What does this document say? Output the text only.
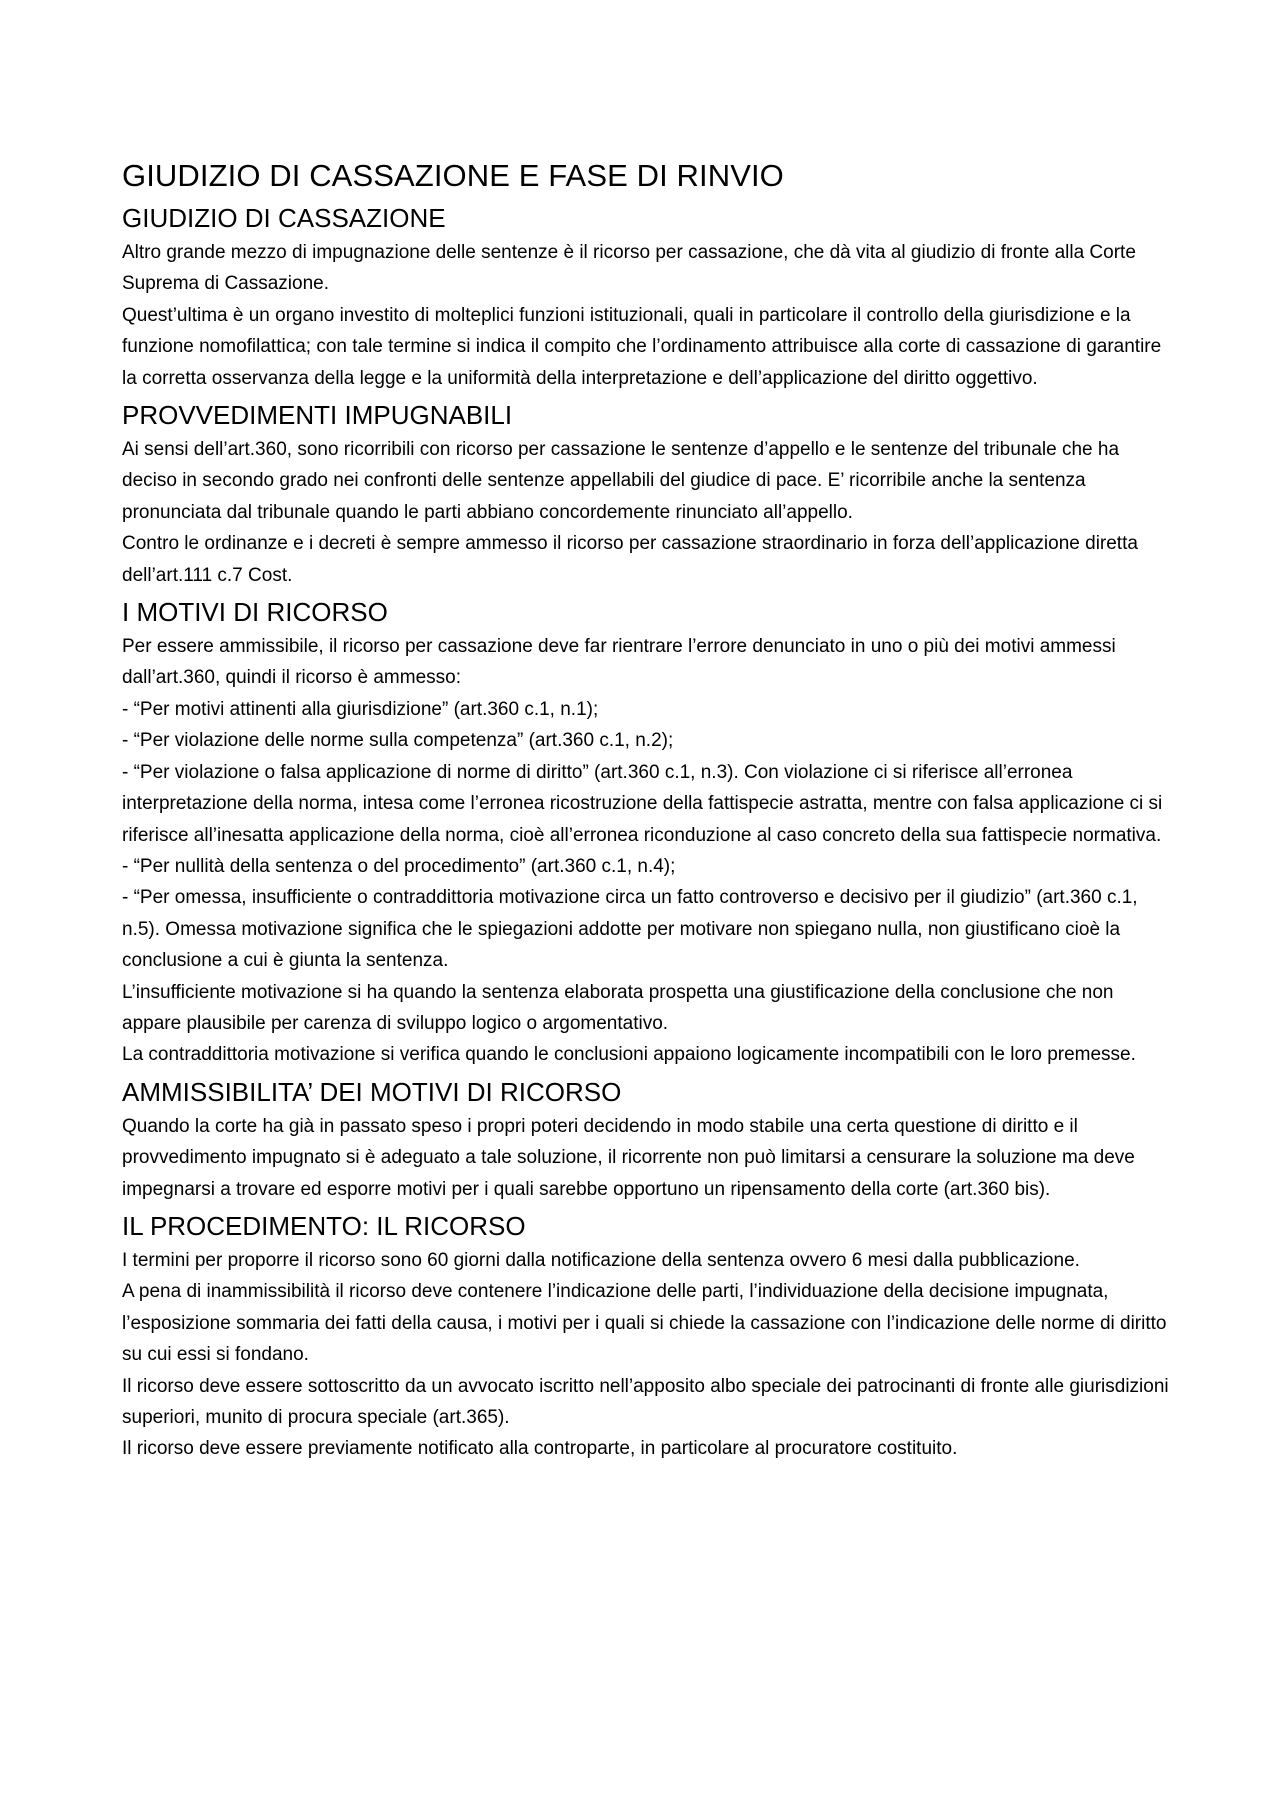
GIUDIZIO DI CASSAZIONE E FASE DI RINVIO
GIUDIZIO DI CASSAZIONE

Altro grande mezzo di impugnazione delle sentenze è il ricorso per cassazione, che dà vita al giudizio di fronte alla Corte Suprema di Cassazione.

Quest’ultima è un organo investito di molteplici funzioni istituzionali, quali in particolare il controllo della giurisdizione e la funzione nomofilattica; con tale termine si indica il compito che l’ordinamento attribuisce alla corte di cassazione di garantire la corretta osservanza della legge e la uniformità della interpretazione e dell’applicazione del diritto oggettivo.

PROVVEDIMENTI IMPUGNABILI

Ai sensi dell’art.360, sono ricorribili con ricorso per cassazione le sentenze d’appello e le sentenze del tribunale che ha deciso in secondo grado nei confronti delle sentenze appellabili del giudice di pace. E’ ricorribile anche la sentenza pronunciata dal tribunale quando le parti abbiano concordemente rinunciato all’appello.

Contro le ordinanze e i decreti è sempre ammesso il ricorso per cassazione straordinario in forza dell’applicazione diretta dell’art.111 c.7 Cost.

I MOTIVI DI RICORSO

Per essere ammissibile, il ricorso per cassazione deve far rientrare l’errore denunciato in uno o più dei motivi ammessi dall’art.360, quindi il ricorso è ammesso:

- “Per motivi attinenti alla giurisdizione” (art.360 c.1, n.1);

- “Per violazione delle norme sulla competenza” (art.360 c.1, n.2);

- “Per violazione o falsa applicazione di norme di diritto” (art.360 c.1, n.3). Con violazione ci si riferisce all’erronea interpretazione della norma, intesa come l’erronea ricostruzione della fattispecie astratta, mentre con falsa applicazione ci si riferisce all’inesatta applicazione della norma, cioè all’erronea riconduzione al caso concreto della sua fattispecie normativa.

- “Per nullità della sentenza o del procedimento” (art.360 c.1, n.4);

- “Per omessa, insufficiente o contraddittoria motivazione circa un fatto controverso e decisivo per il giudizio” (art.360 c.1, n.5). Omessa motivazione significa che le spiegazioni addotte per motivare non spiegano nulla, non giustificano cioè la conclusione a cui è giunta la sentenza.

L’insufficiente motivazione si ha quando la sentenza elaborata prospetta una giustificazione della conclusione che non appare plausibile per carenza di sviluppo logico o argomentativo.

La contraddittoria motivazione si verifica quando le conclusioni appaiono logicamente incompatibili con le loro premesse.

AMMISSIBILITA’ DEI MOTIVI DI RICORSO

Quando la corte ha già in passato speso i propri poteri decidendo in modo stabile una certa questione di diritto e il provvedimento impugnato si è adeguato a tale soluzione, il ricorrente non può limitarsi a censurare la soluzione ma deve impegnarsi a trovare ed esporre motivi per i quali sarebbe opportuno un ripensamento della corte (art.360 bis).

IL PROCEDIMENTO: IL RICORSO

I termini per proporre il ricorso sono 60 giorni dalla notificazione della sentenza ovvero 6 mesi dalla pubblicazione.

A pena di inammissibilità il ricorso deve contenere l’indicazione delle parti, l’individuazione della decisione impugnata, l’esposizione sommaria dei fatti della causa, i motivi per i quali si chiede la cassazione con l’indicazione delle norme di diritto su cui essi si fondano.

Il ricorso deve essere sottoscritto da un avvocato iscritto nell’apposito albo speciale dei patrocinanti di fronte alle giurisdizioni superiori, munito di procura speciale (art.365).

Il ricorso deve essere previamente notificato alla controparte, in particolare al procuratore costituito.
